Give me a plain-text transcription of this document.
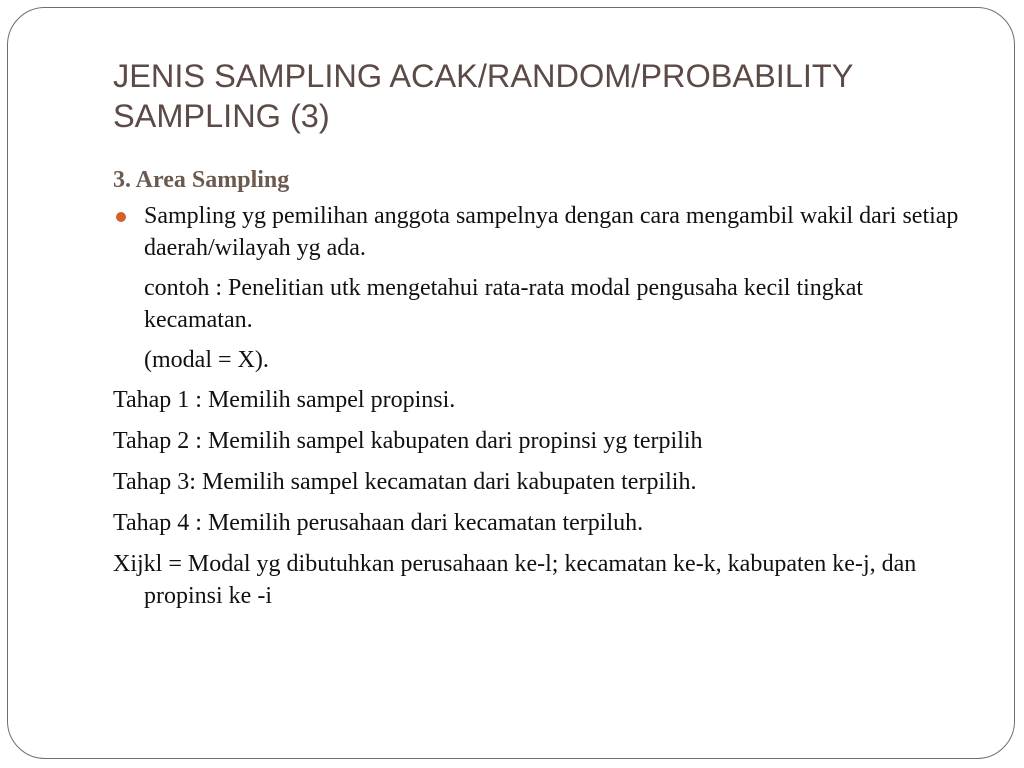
JENIS SAMPLING ACAK/RANDOM/PROBABILITY SAMPLING (3)

3. Area Sampling

Sampling yg pemilihan anggota sampelnya dengan cara mengambil wakil dari setiap daerah/wilayah yg ada.

contoh : Penelitian utk mengetahui rata-rata modal pengusaha kecil tingkat kecamatan.

(modal = X).

Tahap 1 : Memilih sampel propinsi.

Tahap 2 : Memilih sampel kabupaten dari propinsi yg terpilih

Tahap 3: Memilih sampel kecamatan dari kabupaten terpilih.

Tahap 4 : Memilih perusahaan dari kecamatan terpiluh.

Xijkl = Modal yg dibutuhkan perusahaan ke-l; kecamatan ke-k, kabupaten ke-j, dan propinsi ke -i
